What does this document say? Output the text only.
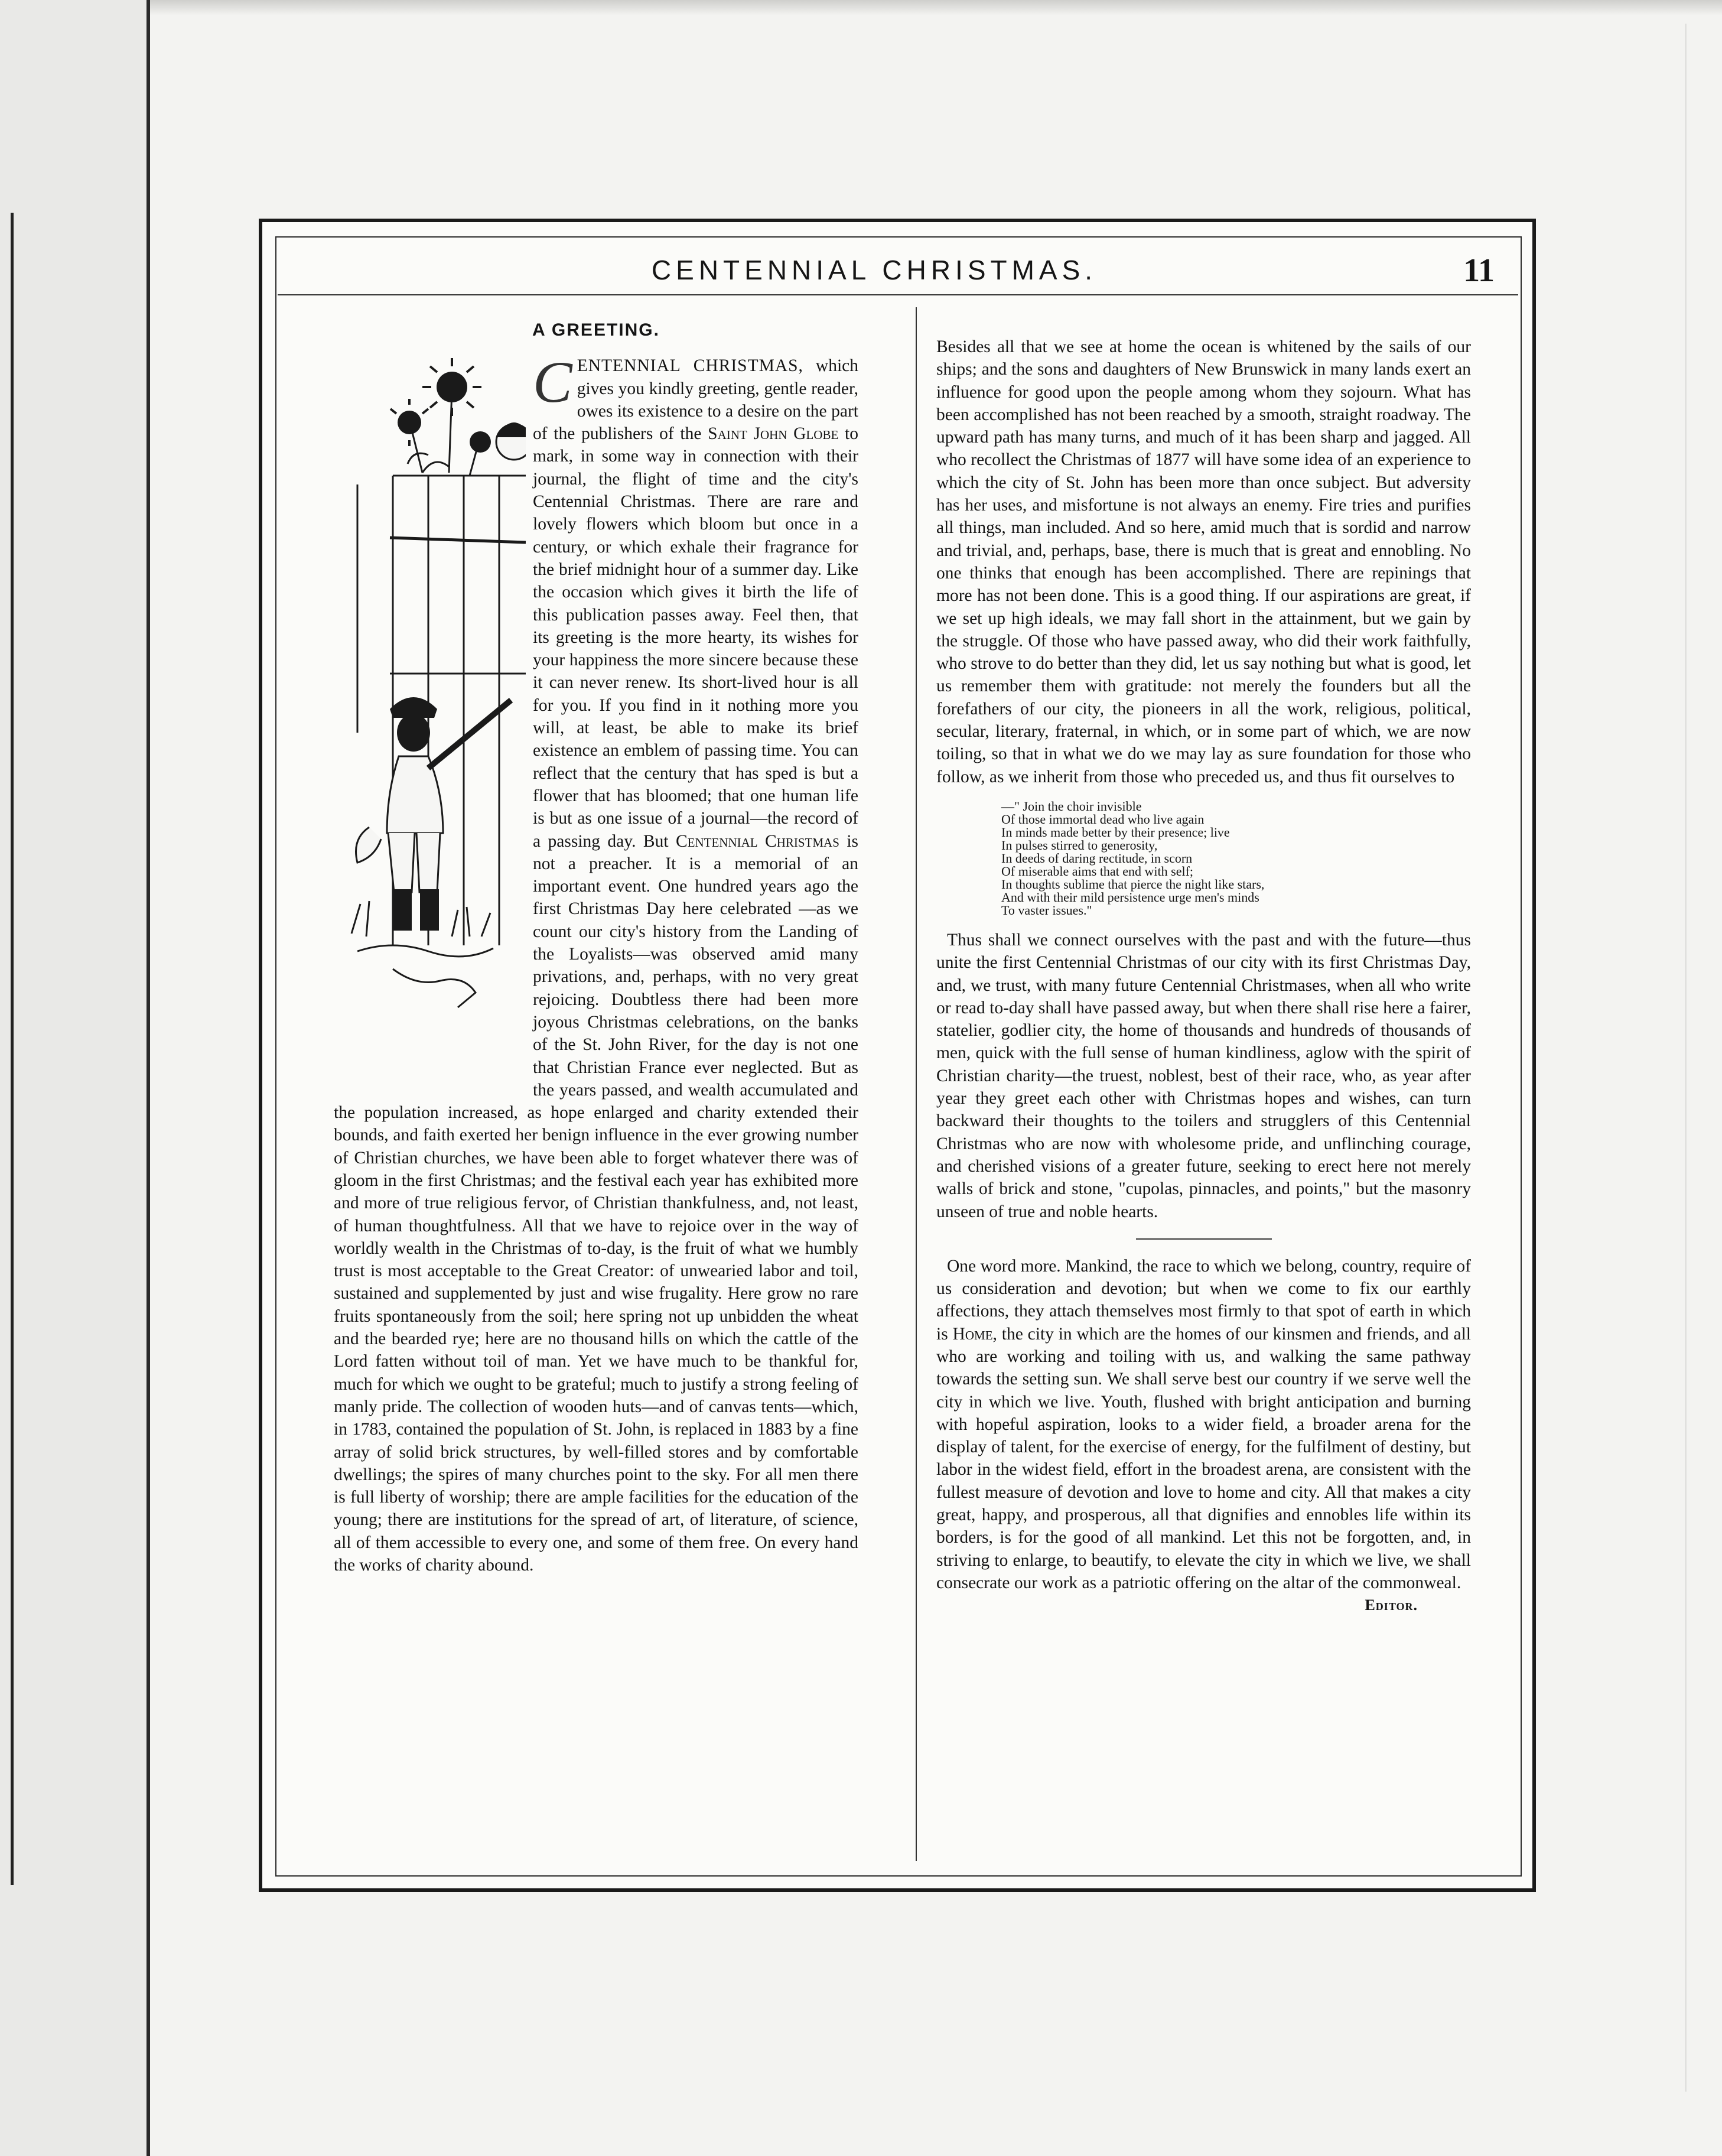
CENTENNIAL CHRISTMAS.	11
A GREETING.

CENTENNIAL CHRISTMAS, which gives you kindly greeting, gentle reader, owes its existence to a desire on the part of the publishers of the Saint John Globe to mark, in some way in connection with their journal, the flight of time and the city's Centennial Christmas. There are rare and lovely flowers which bloom but once in a century, or which exhale their fragrance for the brief midnight hour of a summer day. Like the occasion which gives it birth the life of this publication passes away. Feel then, that its greeting is the more hearty, its wishes for your happiness the more sincere because these it can never renew. Its short-lived hour is all for you. If you find in it nothing more you will, at least, be able to make its brief existence an emblem of passing time. You can reflect that the century that has sped is but a flower that has bloomed; that one human life is but as one issue of a journal—the record of a passing day. But Centennial Christmas is not a preacher. It is a memorial of an important event. One hundred years ago the first Christmas Day here celebrated —as we count our city's history from the Landing of the Loyalists—was observed amid many privations, and, perhaps, with no very great rejoicing. Doubtless there had been more joyous Christmas celebrations, on the banks of the St. John River, for the day is not one that Christian France ever neglected. But as the years passed, and wealth accumulated and the population increased, as hope enlarged and charity extended their bounds, and faith exerted her benign influence in the ever growing number of Christian churches, we have been able to forget whatever there was of gloom in the first Christmas; and the festival each year has exhibited more and more of true religious fervor, of Christian thankfulness, and, not least, of human thoughtfulness. All that we have to rejoice over in the way of worldly wealth in the Christmas of to-day, is the fruit of what we humbly trust is most acceptable to the Great Creator: of unwearied labor and toil, sustained and supplemented by just and wise frugality. Here grow no rare fruits spontaneously from the soil; here spring not up unbidden the wheat and the bearded rye; here are no thousand hills on which the cattle of the Lord fatten without toil of man. Yet we have much to be thankful for, much for which we ought to be grateful; much to justify a strong feeling of manly pride. The collection of wooden huts—and of canvas tents—which, in 1783, contained the population of St. John, is replaced in 1883 by a fine array of solid brick structures, by well-filled stores and by comfortable dwellings; the spires of many churches point to the sky. For all men there is full liberty of worship; there are ample facilities for the education of the young; there are institutions for the spread of art, of literature, of science, all of them accessible to every one, and some of them free. On every hand the works of charity abound.

Besides all that we see at home the ocean is whitened by the sails of our ships; and the sons and daughters of New Brunswick in many lands exert an influence for good upon the people among whom they sojourn. What has been accomplished has not been reached by a smooth, straight roadway. The upward path has many turns, and much of it has been sharp and jagged. All who recollect the Christmas of 1877 will have some idea of an experience to which the city of St. John has been more than once subject. But adversity has her uses, and misfortune is not always an enemy. Fire tries and purifies all things, man included. And so here, amid much that is sordid and narrow and trivial, and, perhaps, base, there is much that is great and ennobling. No one thinks that enough has been accomplished. There are repinings that more has not been done. This is a good thing. If our aspirations are great, if we set up high ideals, we may fall short in the attainment, but we gain by the struggle. Of those who have passed away, who did their work faithfully, who strove to do better than they did, let us say nothing but what is good, let us remember them with gratitude: not merely the founders but all the forefathers of our city, the pioneers in all the work, religious, political, secular, literary, fraternal, in which, or in some part of which, we are now toiling, so that in what we do we may lay as sure foundation for those who follow, as we inherit from those who preceded us, and thus fit ourselves to

—" Join the choir invisible
Of those immortal dead who live again
In minds made better by their presence; live
In pulses stirred to generosity,
In deeds of daring rectitude, in scorn
Of miserable aims that end with self;
In thoughts sublime that pierce the night like stars,
And with their mild persistence urge men's minds
To vaster issues."

Thus shall we connect ourselves with the past and with the future—thus unite the first Centennial Christmas of our city with its first Christmas Day, and, we trust, with many future Centennial Christmases, when all who write or read to-day shall have passed away, but when there shall rise here a fairer, statelier, godlier city, the home of thousands and hundreds of thousands of men, quick with the full sense of human kindliness, aglow with the spirit of Christian charity—the truest, noblest, best of their race, who, as year after year they greet each other with Christmas hopes and wishes, can turn backward their thoughts to the toilers and strugglers of this Centennial Christmas who are now with wholesome pride, and unflinching courage, and cherished visions of a greater future, seeking to erect here not merely walls of brick and stone, "cupolas, pinnacles, and points," but the masonry unseen of true and noble hearts.

One word more. Mankind, the race to which we belong, country, require of us consideration and devotion; but when we come to fix our earthly affections, they attach themselves most firmly to that spot of earth in which is Home, the city in which are the homes of our kinsmen and friends, and all who are working and toiling with us, and walking the same pathway towards the setting sun. We shall serve best our country if we serve well the city in which we live. Youth, flushed with bright anticipation and burning with hopeful aspiration, looks to a wider field, a broader arena for the display of talent, for the exercise of energy, for the fulfilment of destiny, but labor in the widest field, effort in the broadest arena, are consistent with the fullest measure of devotion and love to home and city. All that makes a city great, happy, and prosperous, all that dignifies and ennobles life within its borders, is for the good of all mankind. Let this not be forgotten, and, in striving to enlarge, to beautify, to elevate the city in which we live, we shall consecrate our work as a patriotic offering on the altar of the commonweal.
Editor.
